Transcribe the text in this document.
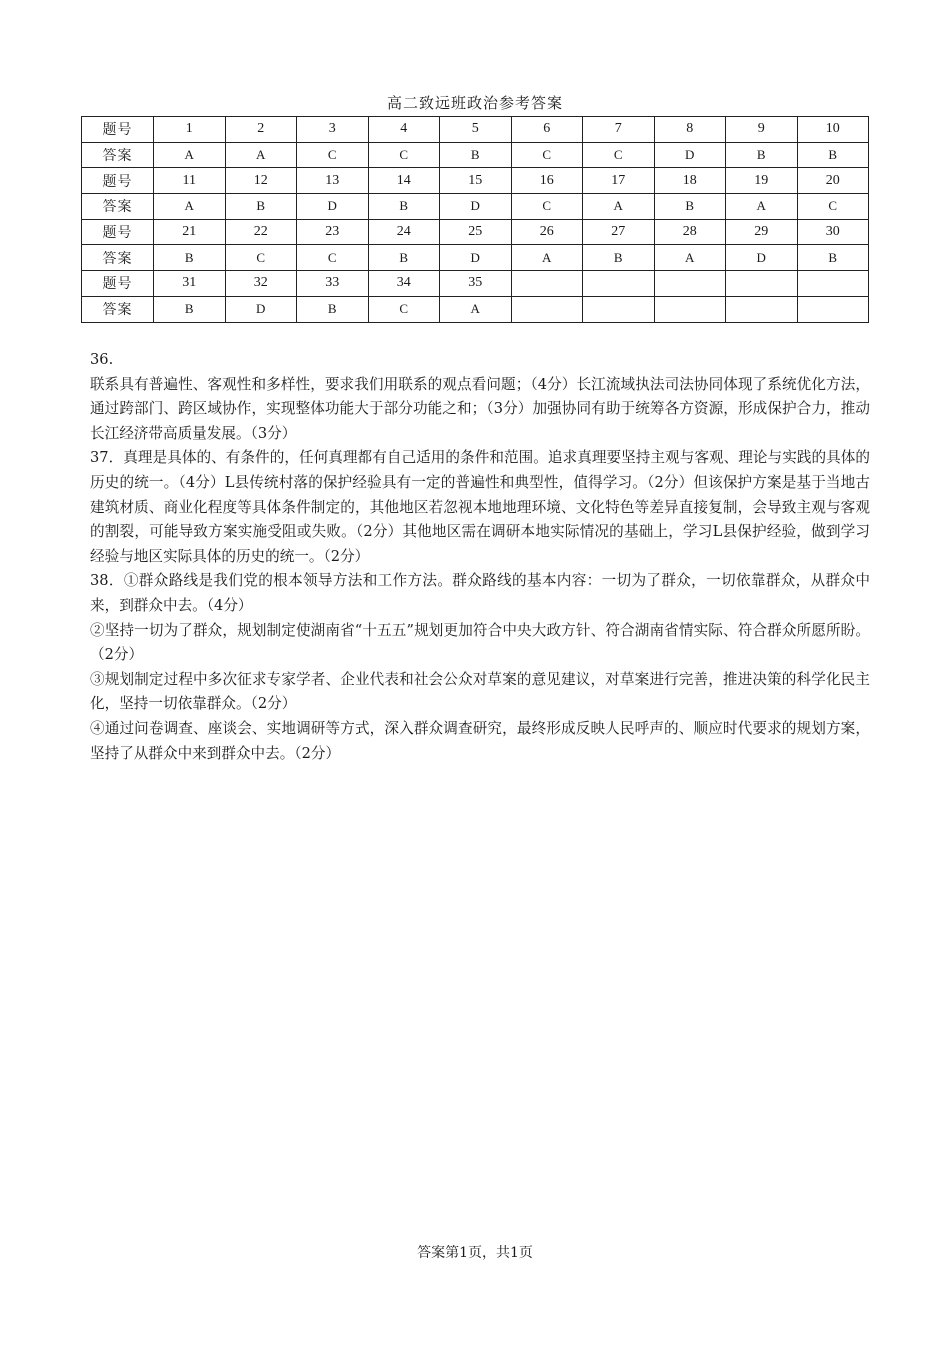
高二致远班政治参考答案
题号	1	2	3	4	5	6	7	8	9	10
答案	A	A	C	C	B	C	C	D	B	B
题号	11	12	13	14	15	16	17	18	19	20
答案	A	B	D	B	D	C	A	B	A	C
题号	21	22	23	24	25	26	27	28	29	30
答案	B	C	C	B	D	A	B	A	D	B
题号	31	32	33	34	35					
答案	B	D	B	C	A					

36.

联系具有普遍性、客观性和多样性，要求我们用联系的观点看问题；（4分）长江流域执法司法协同体现了系统优化方法，通过跨部门、跨区域协作，实现整体功能大于部分功能之和；（3分）加强协同有助于统筹各方资源，形成保护合力，推动长江经济带高质量发展。（3分）

37．真理是具体的、有条件的，任何真理都有自己适用的条件和范围。追求真理要坚持主观与客观、理论与实践的具体的历史的统一。（4分）L县传统村落的保护经验具有一定的普遍性和典型性，值得学习。（2分）但该保护方案是基于当地古建筑材质、商业化程度等具体条件制定的，其他地区若忽视本地地理环境、文化特色等差异直接复制，会导致主观与客观的割裂，可能导致方案实施受阻或失败。（2分）其他地区需在调研本地实际情况的基础上，学习L县保护经验，做到学习经验与地区实际具体的历史的统一。（2分）

38．①群众路线是我们党的根本领导方法和工作方法。群众路线的基本内容：一切为了群众，一切依靠群众，从群众中来，到群众中去。（4分）

②坚持一切为了群众，规划制定使湖南省“十五五”规划更加符合中央大政方针、符合湖南省情实际、符合群众所愿所盼。（2分）

③规划制定过程中多次征求专家学者、企业代表和社会公众对草案的意见建议，对草案进行完善，推进决策的科学化民主化，坚持一切依靠群众。（2分）

④通过问卷调查、座谈会、实地调研等方式，深入群众调查研究，最终形成反映人民呼声的、顺应时代要求的规划方案，坚持了从群众中来到群众中去。（2分）

答案第1页，共1页
